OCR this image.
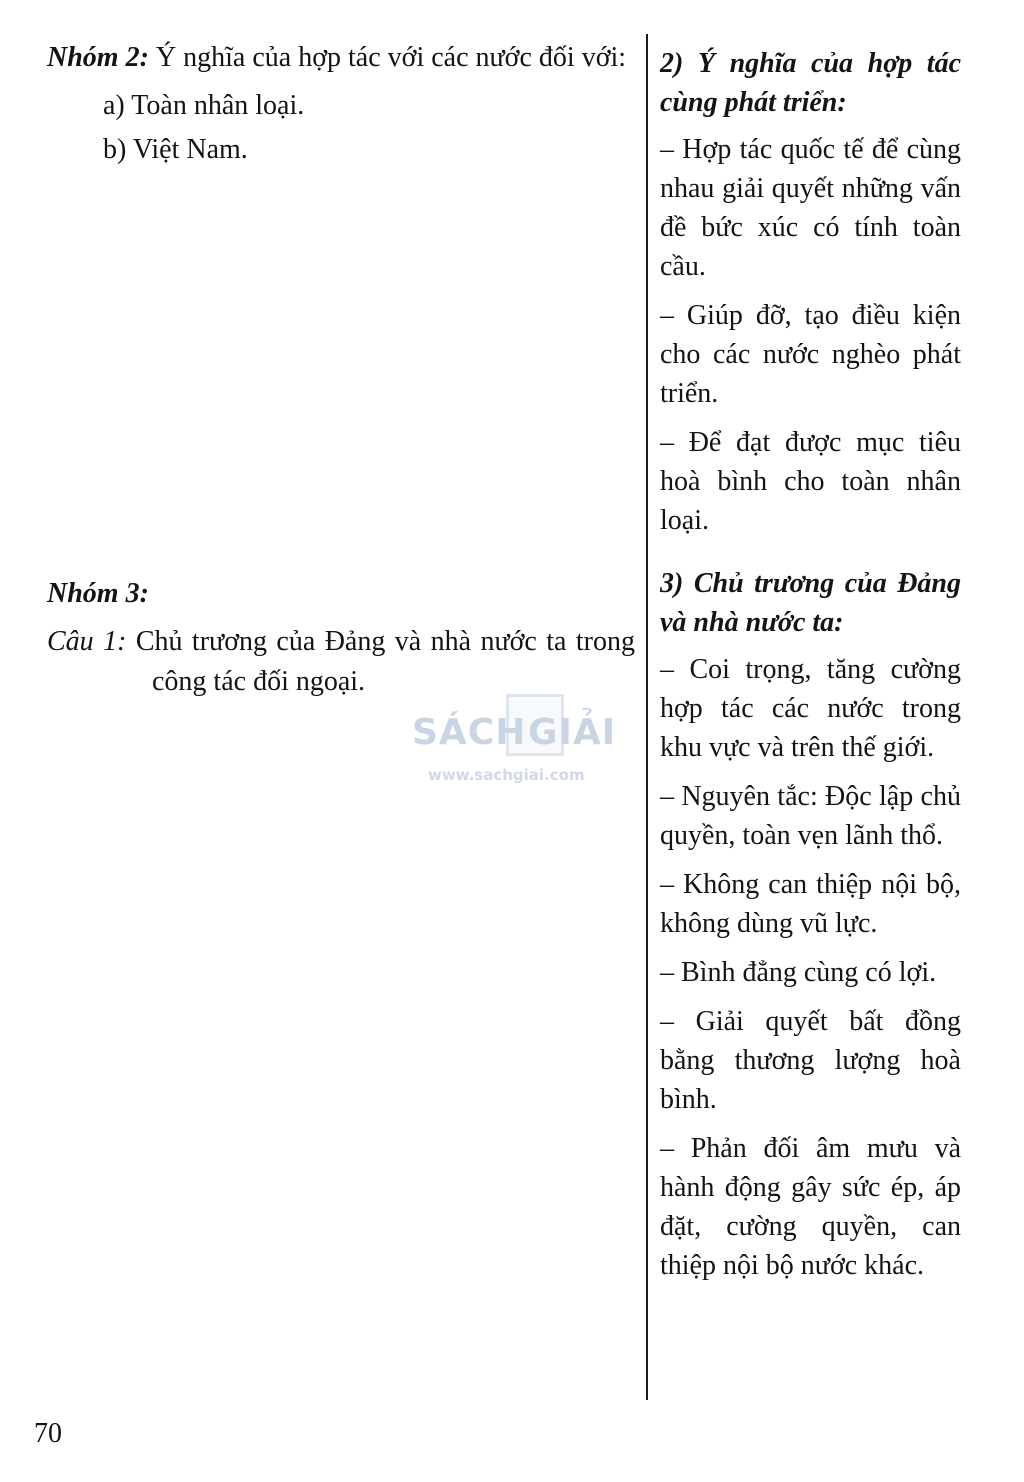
Nhóm 2: Ý nghĩa của hợp tác với các nước đối với:

a) Toàn nhân loại.

b) Việt Nam.

Nhóm 3:

Câu 1: Chủ trương của Đảng và nhà nước ta trong công tác đối ngoại.

2) Ý nghĩa của hợp tác cùng phát triển:

– Hợp tác quốc tế để cùng nhau giải quyết những vấn đề bức xúc có tính toàn cầu.

– Giúp đỡ, tạo điều kiện cho các nước nghèo phát triển.

– Để đạt được mục tiêu hoà bình cho toàn nhân loại.

3) Chủ trương của Đảng và nhà nước ta:

– Coi trọng, tăng cường hợp tác các nước trong khu vực và trên thế giới.

– Nguyên tắc: Độc lập chủ quyền, toàn vẹn lãnh thổ.

– Không can thiệp nội bộ, không dùng vũ lực.

– Bình đẳng cùng có lợi.

– Giải quyết bất đồng bằng thương lượng hoà bình.

– Phản đối âm mưu và hành động gây sức ép, áp đặt, cường quyền, can thiệp nội bộ nước khác.

SÁCH GIẢI
www.sachgiai.com
70
